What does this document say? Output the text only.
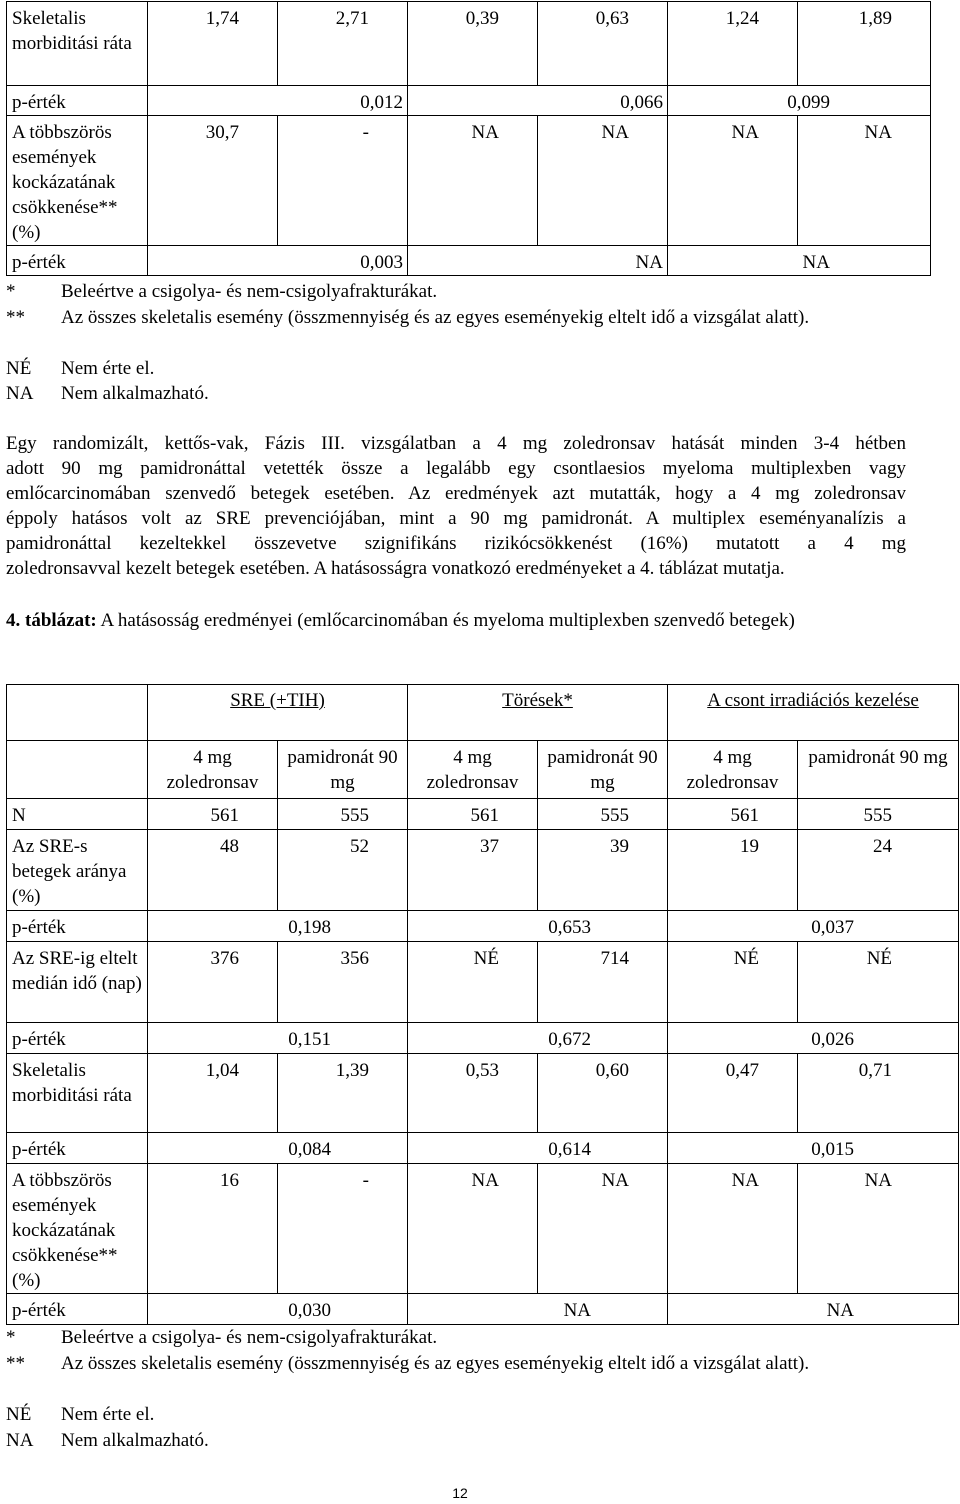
Skeletalis morbiditási ráta	1,74	2,71	0,39	0,63	1,24	1,89
p-érték	0,012		0,066		0,099	
A többszörös események kockázatának csökkenése** (%)	30,7	-	NA	NA	NA	NA
p-érték	0,003		NA		NA	
* Beleértve a csigolya- és nem-csigolyafrakturákat.
** Az összes skeletalis esemény (összmennyiség és az egyes eseményekig eltelt idő a vizsgálat alatt).
NÉ Nem érte el.
NA Nem alkalmazható.
Egy randomizált, kettős-vak, Fázis III. vizsgálatban a 4 mg zoledronsav hatását minden 3-4 hétben
adott 90 mg pamidronáttal vetették össze a legalább egy csontlaesios myeloma multiplexben vagy
emlőcarcinomában szenvedő betegek esetében. Az eredmények azt mutatták, hogy a 4 mg zoledronsav
éppoly hatásos volt az SRE prevenciójában, mint a 90 mg pamidronát. A multiplex eseményanalízis a
pamidronáttal kezeltekkel összevetve szignifikáns rizikócsökkenést (16%) mutatott a 4 mg
zoledronsavval kezelt betegek esetében. A hatásosságra vonatkozó eredményeket a 4. táblázat mutatja.
4. táblázat: A hatásosság eredményei (emlőcarcinomában és myeloma multiplexben szenvedő betegek)
	SRE (+TIH)		Törések*		A csont irradiációs kezelése	
	4 mg zoledronsav	pamidronát 90 mg	4 mg zoledronsav	pamidronát 90 mg	4 mg zoledronsav	pamidronát 90 mg
N	561	555	561	555	561	555
Az SRE-s betegek aránya (%)	48	52	37	39	19	24
p-érték	0,198		0,653		0,037	
Az SRE-ig eltelt medián idő (nap)	376	356	NÉ	714	NÉ	NÉ
p-érték	0,151		0,672		0,026	
Skeletalis morbiditási ráta	1,04	1,39	0,53	0,60	0,47	0,71
p-érték	0,084		0,614		0,015	
A többszörös események kockázatának csökkenése** (%)	16	-	NA	NA	NA	NA
p-érték	0,030		NA		NA	
* Beleértve a csigolya- és nem-csigolyafrakturákat.
** Az összes skeletalis esemény (összmennyiség és az egyes eseményekig eltelt idő a vizsgálat alatt).
NÉ Nem érte el.
NA Nem alkalmazható.
12
